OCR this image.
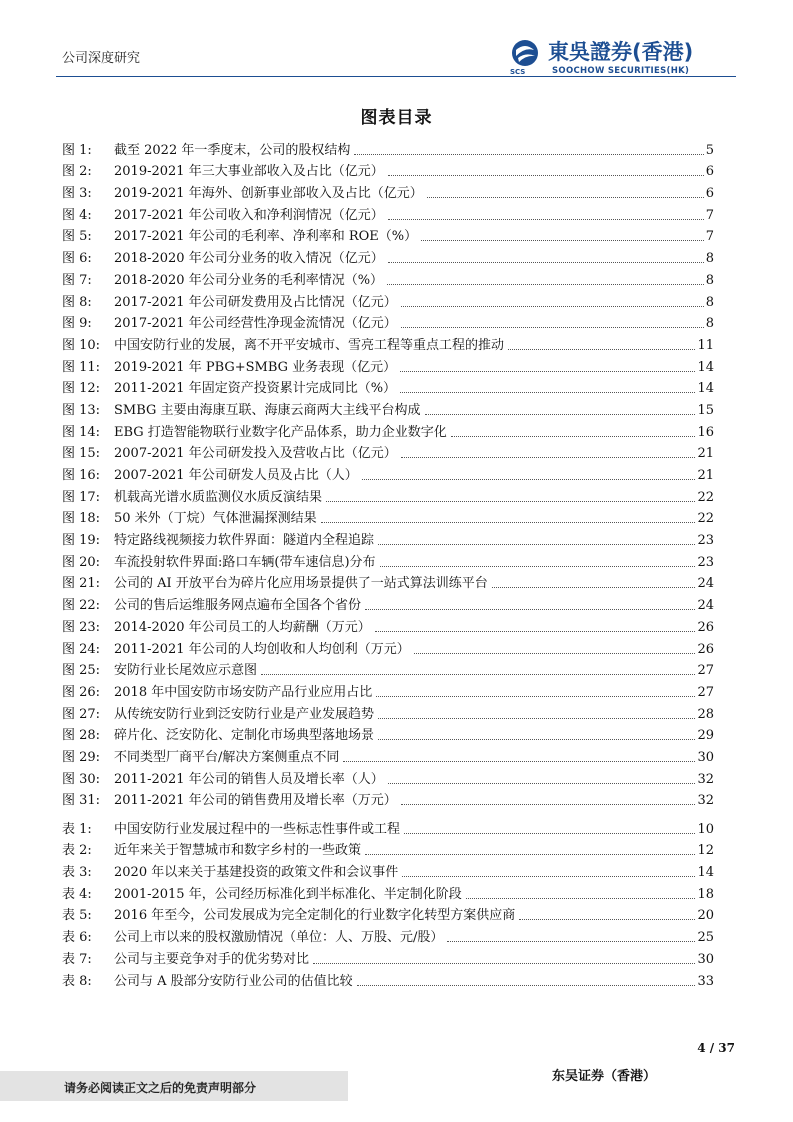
公司深度研究
SCS
東吳證券(香港)
SOOCHOW SECURITIES(HK)
图表目录
图 1:	截至 2022 年一季度末，公司的股权结构	5
图 2:	2019-2021 年三大事业部收入及占比（亿元）	6
图 3:	2019-2021 年海外、创新事业部收入及占比（亿元）	6
图 4:	2017-2021 年公司收入和净利润情况（亿元）	7
图 5:	2017-2021 年公司的毛利率、净利率和 ROE（%）	7
图 6:	2018-2020 年公司分业务的收入情况（亿元）	8
图 7:	2018-2020 年公司分业务的毛利率情况（%）	8
图 8:	2017-2021 年公司研发费用及占比情况（亿元）	8
图 9:	2017-2021 年公司经营性净现金流情况（亿元）	8
图 10:	中国安防行业的发展，离不开平安城市、雪亮工程等重点工程的推动	11
图 11:	2019-2021 年 PBG+SMBG 业务表现（亿元）	14
图 12:	2011-2021 年固定资产投资累计完成同比（%）	14
图 13:	SMBG 主要由海康互联、海康云商两大主线平台构成	15
图 14:	EBG 打造智能物联行业数字化产品体系，助力企业数字化	16
图 15:	2007-2021 年公司研发投入及营收占比（亿元）	21
图 16:	2007-2021 年公司研发人员及占比（人）	21
图 17:	机载高光谱水质监测仪水质反演结果	22
图 18:	50 米外（丁烷）气体泄漏探测结果	22
图 19:	特定路线视频接力软件界面：隧道内全程追踪	23
图 20:	车流投射软件界面:路口车辆(带车速信息)分布	23
图 21:	公司的 AI 开放平台为碎片化应用场景提供了一站式算法训练平台	24
图 22:	公司的售后运维服务网点遍布全国各个省份	24
图 23:	2014-2020 年公司员工的人均薪酬（万元）	26
图 24:	2011-2021 年公司的人均创收和人均创利（万元）	26
图 25:	安防行业长尾效应示意图	27
图 26:	2018 年中国安防市场安防产品行业应用占比	27
图 27:	从传统安防行业到泛安防行业是产业发展趋势	28
图 28:	碎片化、泛安防化、定制化市场典型落地场景	29
图 29:	不同类型厂商平台/解决方案侧重点不同	30
图 30:	2011-2021 年公司的销售人员及增长率（人）	32
图 31:	2011-2021 年公司的销售费用及增长率（万元）	32
表 1:	中国安防行业发展过程中的一些标志性事件或工程	10
表 2:	近年来关于智慧城市和数字乡村的一些政策	12
表 3:	2020 年以来关于基建投资的政策文件和会议事件	14
表 4:	2001-2015 年，公司经历标准化到半标准化、半定制化阶段	18
表 5:	2016 年至今，公司发展成为完全定制化的行业数字化转型方案供应商	20
表 6:	公司上市以来的股权激励情况（单位：人、万股、元/股）	25
表 7:	公司与主要竞争对手的优劣势对比	30
表 8:	公司与 A 股部分安防行业公司的估值比较	33
4 / 37
请务必阅读正文之后的免责声明部分
东吴证券（香港）
